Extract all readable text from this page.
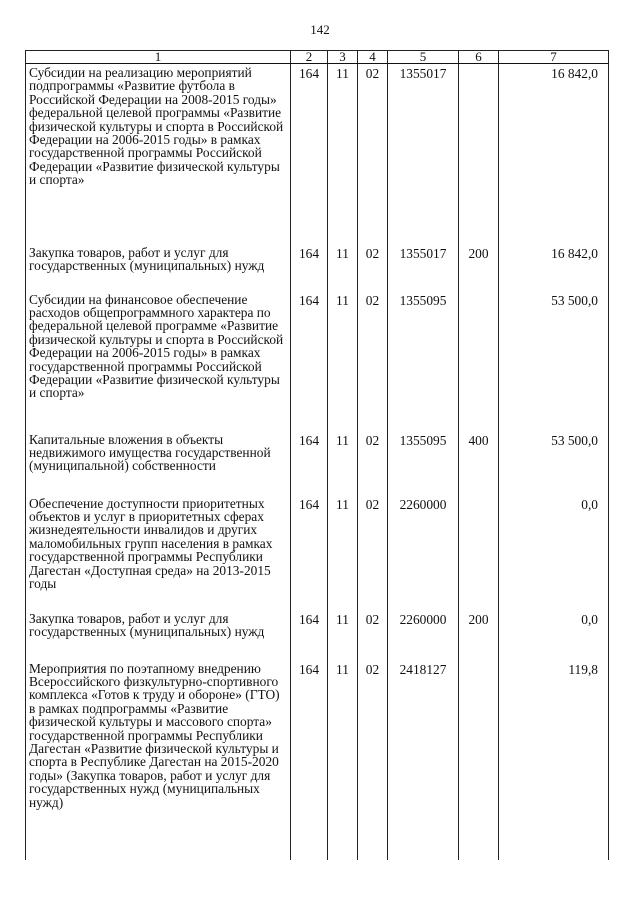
142
1	2	3	4	5	6	7
Субсидии на реализацию мероприятий подпрограммы «Развитие футбола в Российской Федерации на 2008-2015 годы» федеральной целевой программы «Развитие физической культуры и спорта в Российской Федерации на 2006-2015 годы» в рамках государственной программы Российской Федерации «Развитие физической культуры и спорта»	164	11	02	1355017		16 842,0
Закупка товаров, работ и услуг для государственных (муниципальных) нужд	164	11	02	1355017	200	16 842,0
Субсидии на финансовое обеспечение расходов общепрограммного характера по федеральной целевой программе «Развитие физической культуры и спорта в Российской Федерации на 2006-2015 годы» в рамках государственной программы Российской Федерации «Развитие физической культуры и спорта»	164	11	02	1355095		53 500,0
Капитальные вложения в объекты недвижимого имущества государственной (муниципальной) собственности	164	11	02	1355095	400	53 500,0
Обеспечение доступности приоритетных объектов и услуг в приоритетных сферах жизнедеятельности инвалидов и других маломобильных групп населения в рамках государственной программы Республики Дагестан «Доступная среда» на 2013-2015 годы	164	11	02	2260000		0,0
Закупка товаров, работ и услуг для государственных (муниципальных) нужд	164	11	02	2260000	200	0,0
Мероприятия по поэтапному внедрению Всероссийского физкультурно-спортивного комплекса «Готов к труду и обороне» (ГТО) в рамках подпрограммы «Развитие физической культуры и массового спорта» государственной программы Республики Дагестан «Развитие физической культуры и спорта в Республике Дагестан на 2015-2020 годы» (Закупка товаров, работ и услуг для государственных нужд (муниципальных нужд)	164	11	02	2418127		119,8
